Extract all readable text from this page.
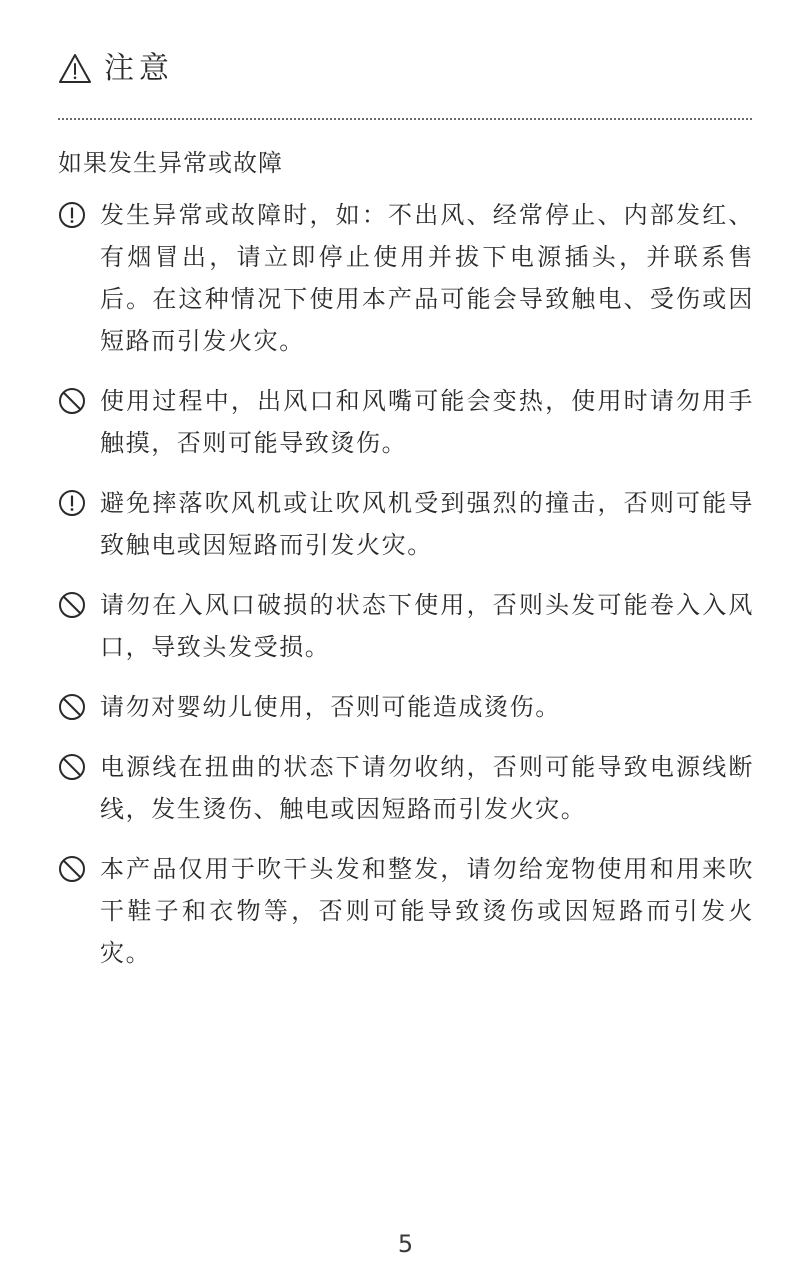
注意
如果发生异常或故障
发生异常或故障时，如：不出风、经常停止、内部发红、有烟冒出，请立即停止使用并拔下电源插头，并联系售后。在这种情况下使用本产品可能会导致触电、受伤或因短路而引发火灾。
使用过程中，出风口和风嘴可能会变热，使用时请勿用手触摸，否则可能导致烫伤。
避免摔落吹风机或让吹风机受到强烈的撞击，否则可能导致触电或因短路而引发火灾。
请勿在入风口破损的状态下使用，否则头发可能卷入入风口，导致头发受损。
请勿对婴幼儿使用，否则可能造成烫伤。
电源线在扭曲的状态下请勿收纳，否则可能导致电源线断线，发生烫伤、触电或因短路而引发火灾。
本产品仅用于吹干头发和整发，请勿给宠物使用和用来吹干鞋子和衣物等，否则可能导致烫伤或因短路而引发火灾。
5
